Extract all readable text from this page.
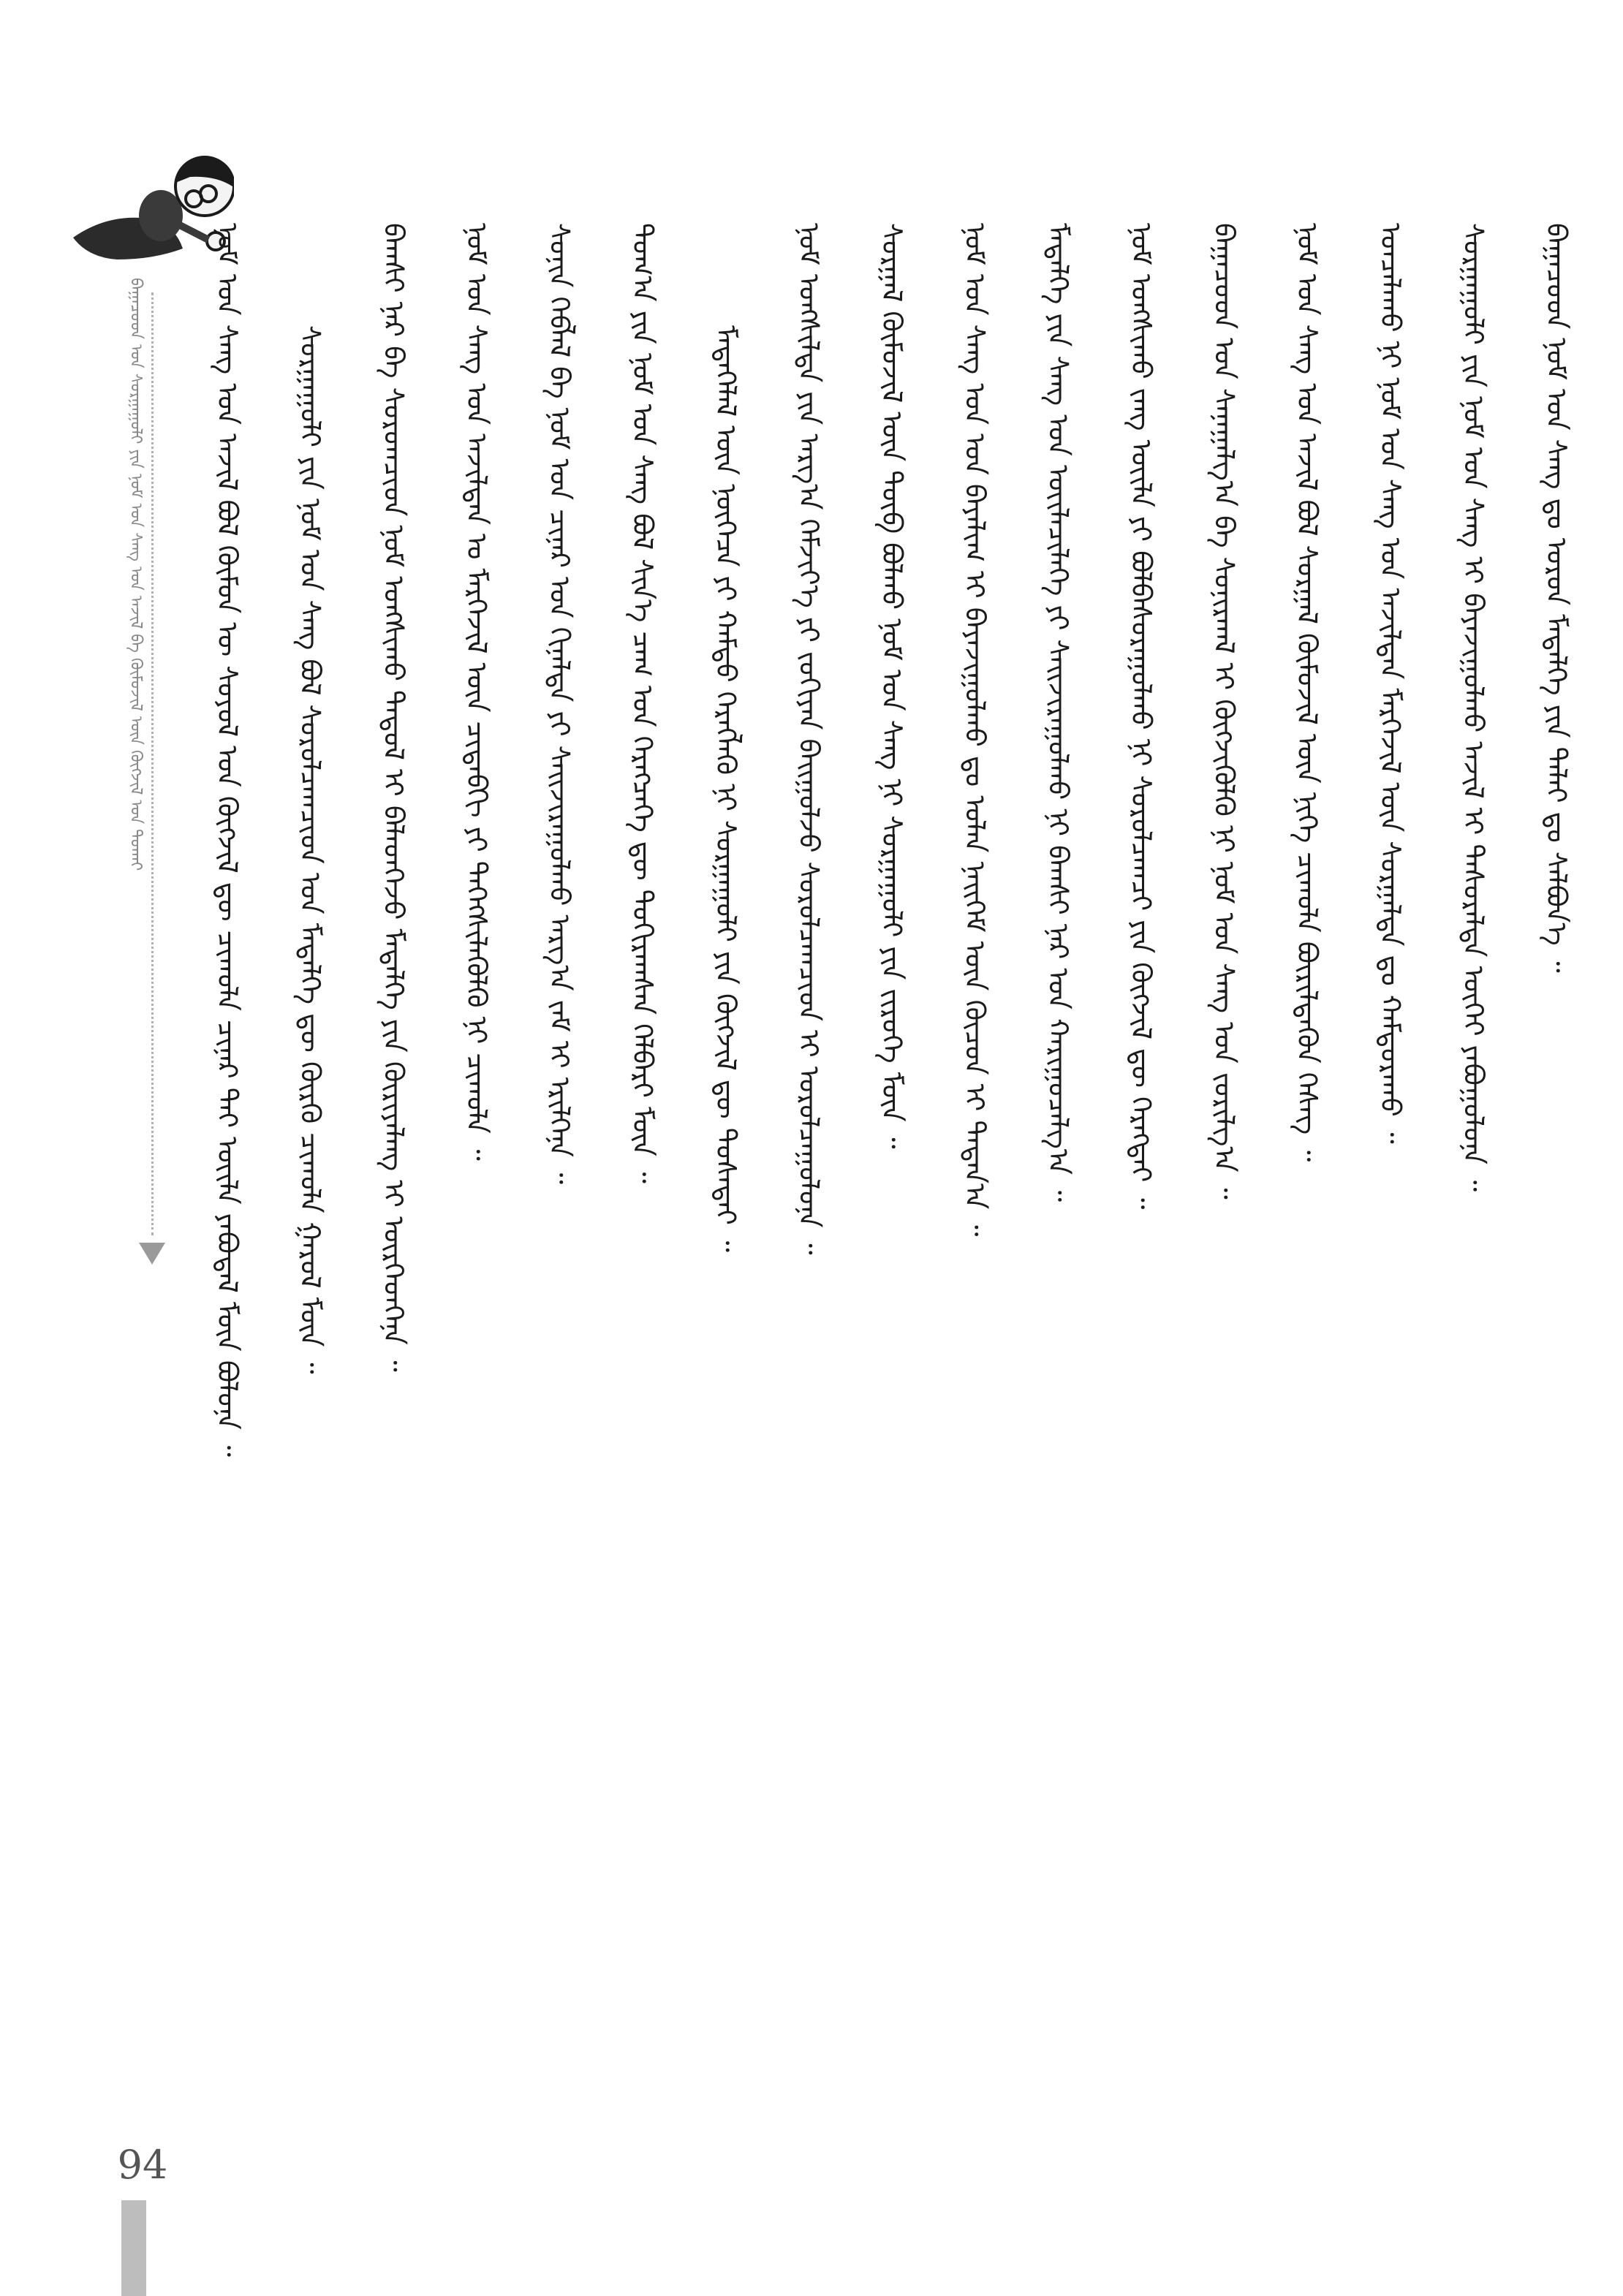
ᠪᠠᠭᠠᠴᠤᠳ ᠤᠨ ᠰᠤᠷᠭᠠᠭᠤᠯᠢ ᠶᠢᠨ ᠨᠣᠮ ᠤᠨ ᠰᠠᠩ ᠤᠨ ᠠᠵᠢᠯ ᠪᠠ ᠬᠦᠮᠦᠵᠢᠯ ᠦᠨ ᠬᠥᠭᠵᠢᠯ ᠤᠨ ᠲᠤᠬᠠᠢ ᠨᠣᠮ ᠤᠨ ᠰᠠᠩ ᠤᠨ ᠠᠵᠢᠯ ᠪᠣᠯ ᠬᠦᠮᠦᠨ ᠦ ᠰᠤᠶᠤᠯ ᠤᠨ ᠬᠥᠭᠵᠢᠯ ᠳᠦ ᠴᠢᠬᠤᠯᠠ ᠴᠢᠨᠠᠷ ᠲᠠᠢ ᠦᠢᠯᠡ ᠶᠠᠪᠤᠳᠠᠯ ᠮᠥᠨ ᠪᠣᠯᠤᠨᠠ ᠃ ᠰᠤᠷᠭᠠᠭᠤᠯᠢ ᠶᠢᠨ ᠨᠣᠮ ᠤᠨ ᠰᠠᠩ ᠪᠣᠯ ᠰᠤᠷᠤᠯᠴᠠᠭᠴᠢᠳ ᠤᠨ ᠮᠡᠳᠡᠯᠭᠡ ᠳᠦ ᠬᠦᠷᠬᠦ ᠴᠢᠬᠤᠯᠠ ᠭᠠᠷᠤᠯ ᠮᠥᠨ ᠃ ᠪᠠᠭᠰᠢ ᠨᠠᠷ ᠪᠠ ᠰᠤᠷᠤᠭᠴᠢᠳ ᠨᠣᠮ ᠤᠩᠰᠢᠬᠤ ᠳᠠᠳᠤᠯ ᠢ ᠪᠡᠯᠡᠳᠬᠡᠵᠦ ᠮᠡᠳᠡᠯᠭᠡ ᠶᠢᠨ ᠬᠦᠷᠢᠶᠡᠯᠡᠩ ᠢ ᠥᠷᠭᠡᠳᠬᠡᠨᠡ ᠃ ᠨᠣᠮ ᠤᠨ ᠰᠠᠩ ᠤᠨ ᠠᠵᠢᠯᠲᠠᠨ ᠤ ᠮᠡᠷᠭᠡᠵᠢᠯ ᠦᠨ ᠴᠢᠳᠠᠪᠬᠢ ᠶᠢ ᠳᠡᠭᠡᠭᠰᠢᠯᠡᠭᠦᠯᠬᠦ ᠨᠢ ᠴᠢᠬᠤᠯᠠ ᠃ ᠰᠣᠨᠢᠨ ᠬᠡᠪᠯᠡᠯ ᠪᠠ ᠨᠣᠮ ᠤᠨ ᠴᠢᠨᠠᠷ ᠤᠨ ᠬᠢᠨᠠᠯᠲᠠ ᠶᠢ ᠰᠠᠢᠵᠢᠷᠠᠭᠤᠯᠬᠤ ᠠᠷᠭ᠎ᠠ ᠵᠠᠮ ᠢ ᠡᠷᠢᠯᠬᠡᠨᠡ ᠃ ᠲᠣᠭ᠎ᠠ ᠶᠢᠨ ᠨᠣᠮ ᠤᠨ ᠰᠠᠩ ᠪᠣᠯ ᠰᠢᠨ᠎ᠡ ᠴᠠᠭ ᠤᠨ ᠬᠡᠷᠡᠭᠴᠡᠭᠡ ᠳᠦ ᠲᠣᠬᠢᠷᠠᠭᠰᠠᠨ ᠬᠡᠯᠪᠡᠷᠢ ᠮᠥᠨ ᠃ ᠮᠡᠳᠡᠭᠡᠯᠡᠯ ᠦᠨ ᠨᠥᠭᠡᠴᠡ ᠶᠢ ᠬᠠᠮᠲᠤ ᠬᠡᠷᠡᠭᠯᠡᠬᠦ ᠨᠢ ᠰᠤᠷᠭᠠᠭᠤᠯᠢ ᠶᠢᠨ ᠬᠥᠭᠵᠢᠯ ᠳᠦ ᠲᠤᠰᠠᠲᠠᠢ ᠃ ᠨᠣᠮ ᠤᠩᠰᠢᠯᠲᠠ ᠶᠢᠨ ᠠᠷᠭ᠎ᠠ ᠬᠡᠮᠵᠢᠶ᠎ᠡ ᠶᠢ ᠵᠣᠬᠢᠶᠠᠨ ᠪᠠᠢᠭᠤᠯᠵᠤ ᠰᠤᠷᠤᠯᠴᠠᠭᠴᠢᠳ ᠢ ᠣᠷᠤᠯᠴᠠᠭᠤᠯᠤᠨᠠ ᠃ ᠰᠤᠷᠭᠠᠯ ᠬᠥᠮᠦᠵᠢᠯ ᠦᠨ ᠲᠦᠪ ᠪᠣᠯᠬᠤ ᠨᠣᠮ ᠤᠨ ᠰᠠᠩ ᠨᠢ ᠰᠤᠷᠭᠠᠭᠤᠯᠢ ᠶᠢᠨ ᠵᠢᠷᠦᠬᠡ ᠮᠥᠨ ᠃ ᠨᠣᠮ ᠤᠨ ᠰᠠᠩ ᠤᠨ ᠡᠳ ᠪᠠᠶᠠᠯᠢᠭ ᠢ ᠪᠠᠶᠠᠵᠢᠭᠤᠯᠬᠤ ᠳᠤ ᠣᠯᠠᠨ ᠨᠡᠢᠭᠡᠮ ᠦᠨ ᠬᠦᠴᠦᠨ ᠢ ᠲᠠᠲᠠᠨ᠎ᠠ ᠃ ᠮᠡᠳᠡᠯᠭᠡ ᠶᠢᠨ ᠰᠠᠩ ᠤᠨ ᠦᠢᠯᠡᠴᠢᠯᠡᠭᠡ ᠶᠢ ᠰᠠᠢᠵᠢᠷᠠᠭᠤᠯᠬᠤ ᠨᠢ ᠪᠠᠭᠰᠢ ᠨᠠᠷ ᠤᠨ ᠬᠠᠷᠢᠭᠤᠴᠠᠯᠭ᠎ᠠ ᠃ ᠨᠣᠮ ᠤᠩᠰᠢᠬᠤ ᠵᠠᠩ ᠦᠢᠯᠡ ᠶᠢ ᠪᠣᠯᠪᠠᠰᠤᠷᠠᠭᠤᠯᠬᠤ ᠨᠢ ᠰᠤᠷᠤᠯᠴᠠᠭᠴᠢ ᠶᠢᠨ ᠬᠥᠭᠵᠢᠯ ᠳᠦ ᠬᠡᠷᠡᠭᠲᠡᠢ ᠃ ᠪᠠᠭᠠᠴᠤᠳ ᠤᠨ ᠰᠠᠨᠠᠭᠠᠯᠭ᠎ᠠ ᠪᠠ ᠰᠣᠨᠢᠷᠬᠠᠯ ᠢ ᠬᠥᠭᠵᠢᠭᠦᠯᠬᠦ ᠨᠢ ᠨᠣᠮ ᠤᠨ ᠰᠠᠩ ᠤᠨ ᠵᠣᠷᠢᠯᠭ᠎ᠠ ᠃ ᠨᠣᠮ ᠤᠨ ᠰᠠᠩ ᠤᠨ ᠠᠵᠢᠯ ᠪᠣᠯ ᠰᠤᠷᠭᠠᠯ ᠬᠥᠮᠦᠵᠢᠯ ᠦᠨ ᠨᠢᠭᠡ ᠴᠢᠬᠤᠯᠠ ᠪᠦᠷᠢᠯᠳᠡᠬᠦᠨ ᠬᠡᠰᠡᠭ ᠃ ᠣᠨᠴᠠᠯᠠᠬᠤ ᠨᠢ ᠨᠣᠮ ᠤᠨ ᠰᠠᠩ ᠤᠨ ᠠᠵᠢᠯᠲᠠᠨ ᠮᠡᠷᠭᠡᠵᠢᠯ ᠦᠨ ᠰᠤᠷᠭᠠᠯᠲᠠ ᠳᠤ ᠬᠠᠮᠲᠤᠷᠠᠬᠤ ᠃ ᠰᠤᠷᠭᠠᠭᠤᠯᠢ ᠶᠢᠨ ᠨᠣᠮ ᠤᠨ ᠰᠠᠩ ᠢ ᠪᠠᠶᠠᠵᠢᠭᠤᠯᠬᠤ ᠠᠵᠢᠯ ᠢ ᠲᠠᠰᠤᠷᠠᠯᠲᠠ ᠦᠭᠡᠢ ᠶᠠᠪᠤᠭᠤᠯᠤᠨᠠ ᠃ ᠪᠠᠭᠠᠴᠤᠳ ᠨᠣᠮ ᠤᠨ ᠰᠠᠩ ᠳᠤ ᠣᠷᠤᠨ ᠮᠡᠳᠡᠯᠭᠡ ᠶᠢᠨ ᠳᠠᠯᠠᠢ ᠳᠤ ᠰᠡᠯᠪᠦᠨ᠎ᠡ ᠃
94
